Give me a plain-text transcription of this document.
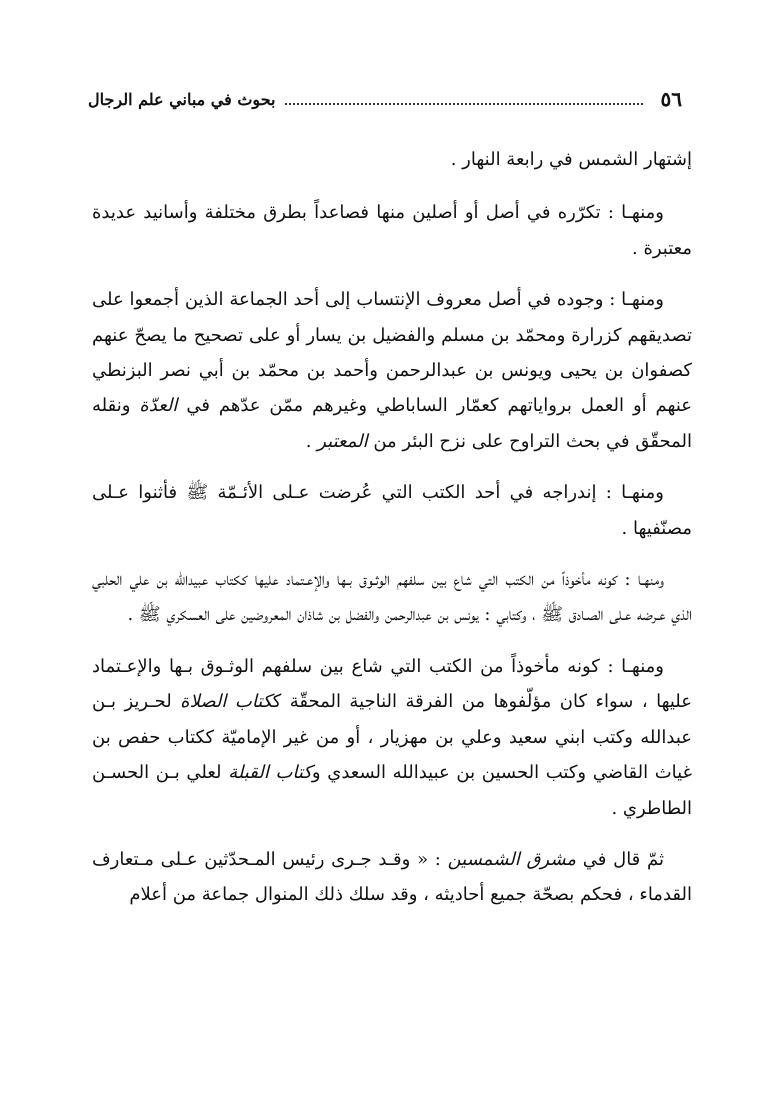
٥٦
بحوث في مباني علم الرجال

إشتهار الشمس في رابعة النهار .

ومنهـا : تكرّره في أصل أو أصلين منها فصاعداً بطرق مختلفة وأسانيد عديدة معتبرة .

ومنهـا : وجوده في أصل معروف الإنتساب إلى أحد الجماعة الذين أجمعوا على تصديقهم كزرارة ومحمّد بن مسلم والفضيل بن يسار أو على تصحيح ما يصحّ عنهم كصفوان بن يحيى ويونس بن عبدالرحمن وأحمد بن محمّد بن أبي نصر البزنطي عنهم أو العمل برواياتهم كعمّار الساباطي وغيرهم ممّن عدّهم في العدّة ونقله المحقّق في بحث التراوح على نزح البئر من المعتبر .

ومنهـا : إندراجه في أحد الكتب التي عُرضت عـلى الأئـمّة ﷺ فأثنوا عـلى مصنّفيها .

ومنهـا : كونه مأخوذاً من الكتب التي شاع بين سلفهم الوثـوق بـها والإعـتماد عليها ككتاب عبيدالله بن علي الحلبي الذي عـرضه عـلى الصـادق ﷺ ، وكتابي : يونس بن عبدالرحمن والفضل بن شاذان المعروضين على العسكري ﷺ .

ومنهـا : كونه مأخوذاً من الكتب التي شاع بين سلفهم الوثـوق بـها والإعـتماد عليها ، سواء كان مؤلّفوها من الفرقة الناجية المحقّة ككتاب الصلاة لحـريز بـن عبدالله وكتب ابني سعيد وعلي بن مهزيار ، أو من غير الإماميّة ككتاب حفص بن غياث القاضي وكتب الحسين بن عبيدالله السعدي وكتاب القبلة لعلي بـن الحسـن الطاطري .

ثمّ قال في مشرق الشمسين : « وقـد جـرى رئيس المـحدّثين عـلى مـتعارف القدماء ، فحكم بصحّة جميع أحاديثه ، وقد سلك ذلك المنوال جماعة من أعلام
